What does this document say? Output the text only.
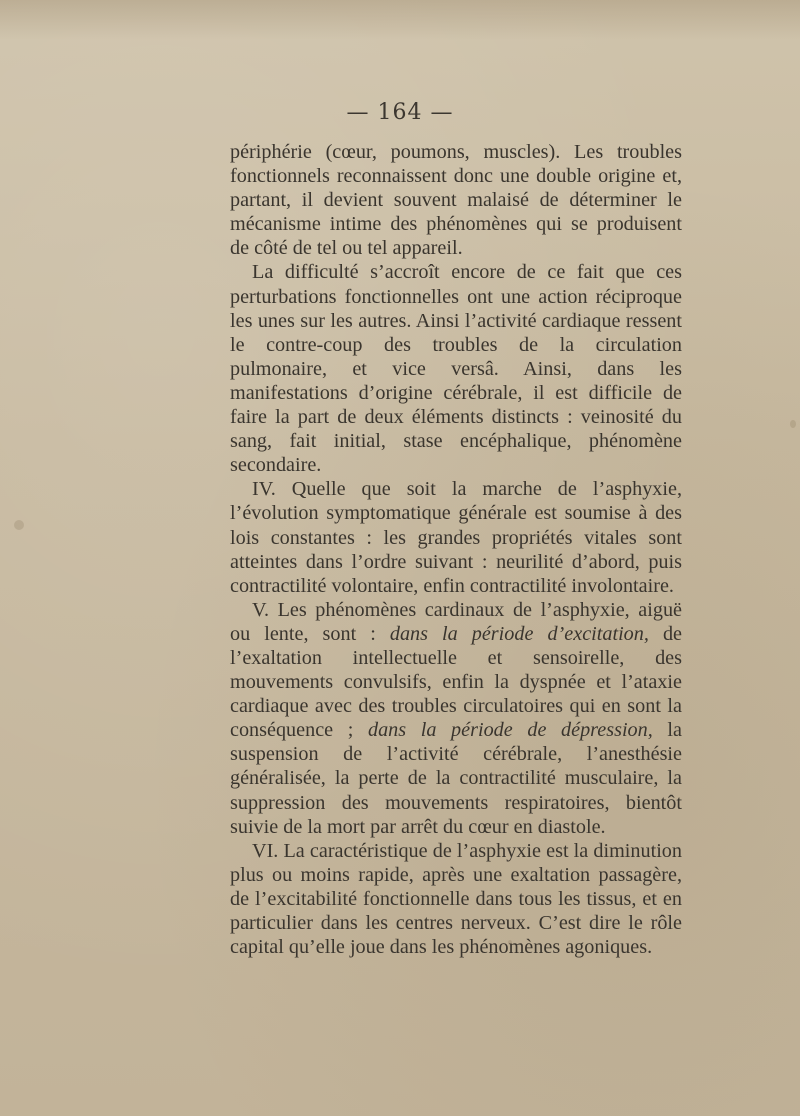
— 164 —

périphérie (cœur, poumons, muscles). Les troubles fonctionnels reconnaissent donc une double origine et, partant, il devient souvent malaisé de déterminer le mécanisme intime des phénomènes qui se produisent de côté de tel ou tel appareil.

La difficulté s’accroît encore de ce fait que ces perturbations fonctionnelles ont une action réciproque les unes sur les autres. Ainsi l’activité cardiaque ressent le contre-coup des troubles de la circulation pulmonaire, et vice versâ. Ainsi, dans les manifestations d’origine cérébrale, il est difficile de faire la part de deux éléments distincts : veinosité du sang, fait initial, stase encéphalique, phénomène secondaire.

IV. Quelle que soit la marche de l’asphyxie, l’évolution symptomatique générale est soumise à des lois constantes : les grandes propriétés vitales sont atteintes dans l’ordre suivant : neurilité d’abord, puis contractilité volontaire, enfin contractilité involontaire.

V. Les phénomènes cardinaux de l’asphyxie, aiguë ou lente, sont : dans la période d’excitation, de l’exaltation intellectuelle et sensoirelle, des mouvements convulsifs, enfin la dyspnée et l’ataxie cardiaque avec des troubles circulatoires qui en sont la conséquence ; dans la période de dépression, la suspension de l’activité cérébrale, l’anesthésie généralisée, la perte de la contractilité musculaire, la suppression des mouvements respiratoires, bientôt suivie de la mort par arrêt du cœur en diastole.

VI. La caractéristique de l’asphyxie est la diminution plus ou moins rapide, après une exaltation passagère, de l’excitabilité fonctionnelle dans tous les tissus, et en particulier dans les centres nerveux. C’est dire le rôle capital qu’elle joue dans les phénomènes agoniques.
